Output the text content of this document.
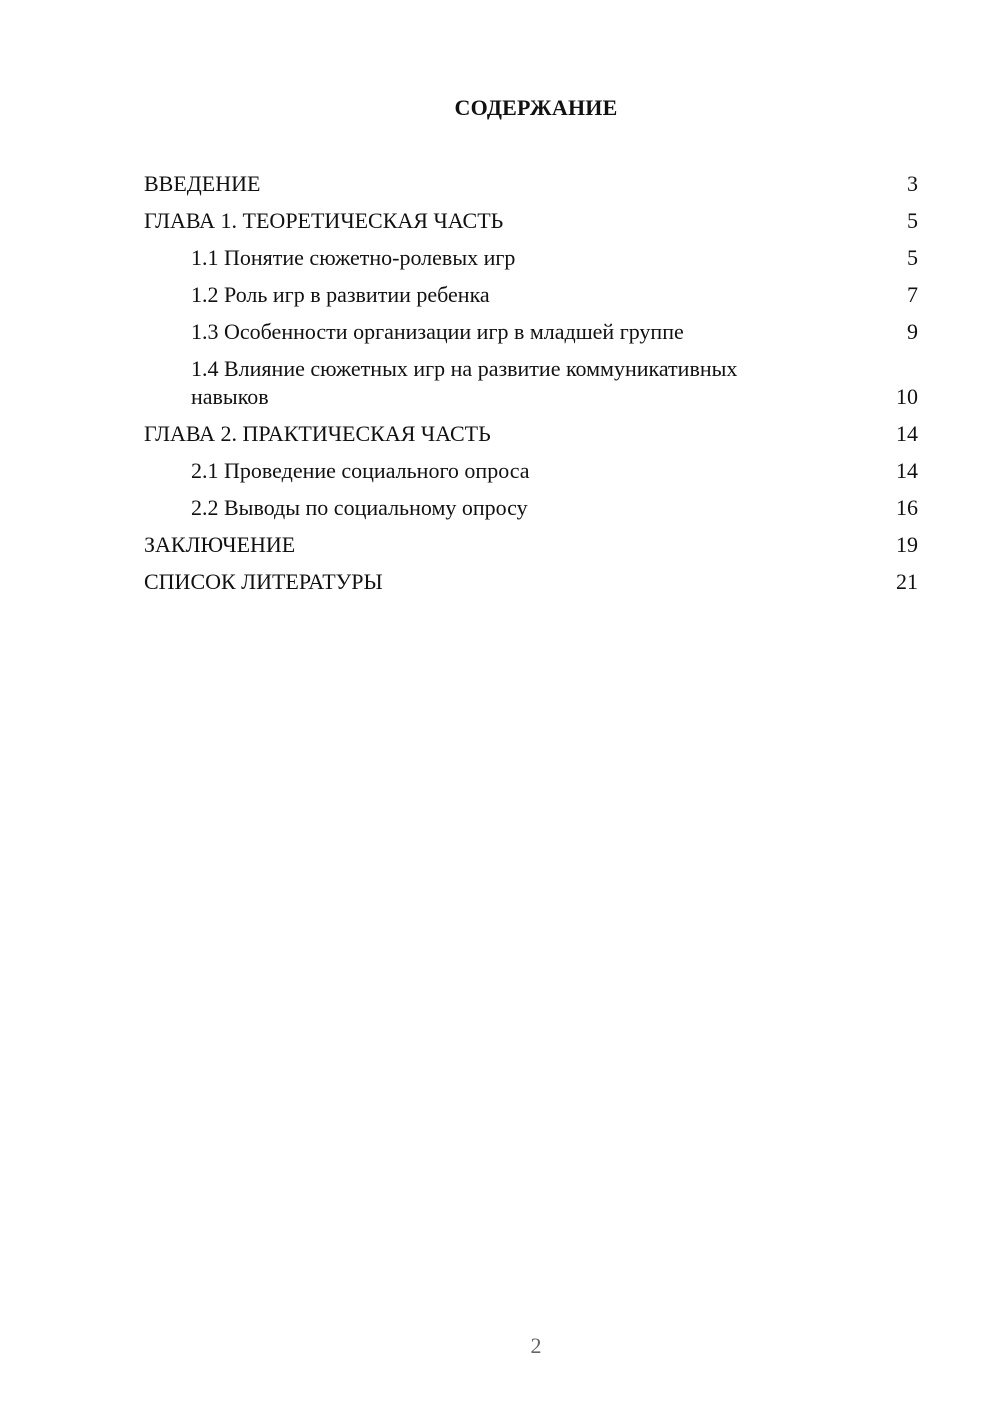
СОДЕРЖАНИЕ
ВВЕДЕНИЕ	3
ГЛАВА 1. ТЕОРЕТИЧЕСКАЯ ЧАСТЬ	5
1.1 Понятие сюжетно-ролевых игр	5
1.2 Роль игр в развитии ребенка	7
1.3 Особенности организации игр в младшей группе	9
1.4 Влияние сюжетных игр на развитие коммуникативных навыков	10
ГЛАВА 2. ПРАКТИЧЕСКАЯ ЧАСТЬ	14
2.1 Проведение социального опроса	14
2.2 Выводы по социальному опросу	16
ЗАКЛЮЧЕНИЕ	19
СПИСОК ЛИТЕРАТУРЫ	21
2
